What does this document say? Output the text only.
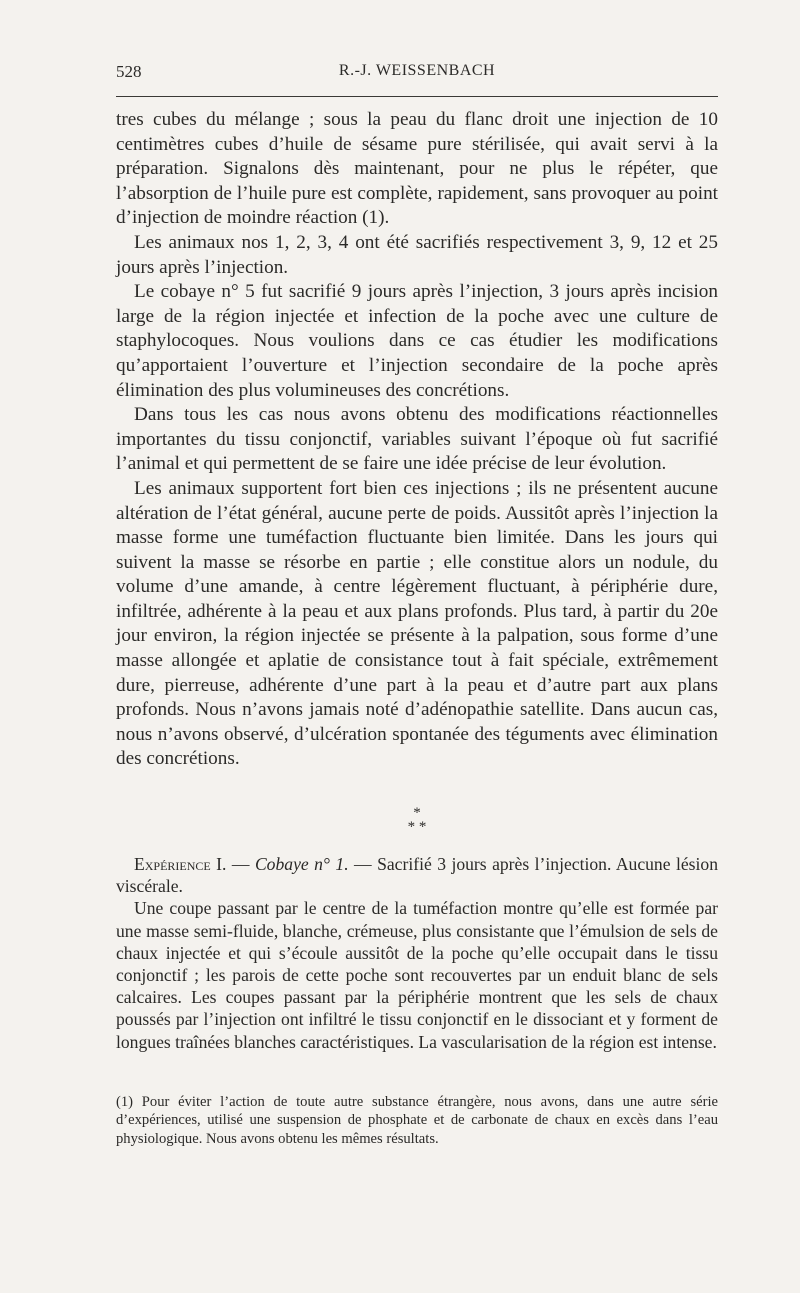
528	R.-J. WEISSENBACH

tres cubes du mélange ; sous la peau du flanc droit une injection de 10 centimètres cubes d’huile de sésame pure stérilisée, qui avait servi à la préparation. Signalons dès maintenant, pour ne plus le répéter, que l’absorption de l’huile pure est complète, rapidement, sans provoquer au point d’injection de moindre réaction (1).

Les animaux nos 1, 2, 3, 4 ont été sacrifiés respectivement 3, 9, 12 et 25 jours après l’injection.

Le cobaye n° 5 fut sacrifié 9 jours après l’injection, 3 jours après incision large de la région injectée et infection de la poche avec une culture de staphylocoques. Nous voulions dans ce cas étudier les modifications qu’apportaient l’ouverture et l’injection secondaire de la poche après élimination des plus volumineuses des concrétions.

Dans tous les cas nous avons obtenu des modifications réactionnelles importantes du tissu conjonctif, variables suivant l’époque où fut sacrifié l’animal et qui permettent de se faire une idée précise de leur évolution.

Les animaux supportent fort bien ces injections ; ils ne présentent aucune altération de l’état général, aucune perte de poids. Aussitôt après l’injection la masse forme une tuméfaction fluctuante bien limitée. Dans les jours qui suivent la masse se résorbe en partie ; elle constitue alors un nodule, du volume d’une amande, à centre légèrement fluctuant, à périphérie dure, infiltrée, adhérente à la peau et aux plans profonds. Plus tard, à partir du 20e jour environ, la région injectée se présente à la palpation, sous forme d’une masse allongée et aplatie de consistance tout à fait spéciale, extrêmement dure, pierreuse, adhérente d’une part à la peau et d’autre part aux plans profonds. Nous n’avons jamais noté d’adénopathie satellite. Dans aucun cas, nous n’avons observé, d’ulcération spontanée des téguments avec élimination des concrétions.

*
* *

Expérience I. — Cobaye n° 1. — Sacrifié 3 jours après l’injection. Aucune lésion viscérale.

Une coupe passant par le centre de la tuméfaction montre qu’elle est formée par une masse semi-fluide, blanche, crémeuse, plus consistante que l’émulsion de sels de chaux injectée et qui s’écoule aussitôt de la poche qu’elle occupait dans le tissu conjonctif ; les parois de cette poche sont recouvertes par un enduit blanc de sels calcaires. Les coupes passant par la périphérie montrent que les sels de chaux poussés par l’injection ont infiltré le tissu conjonctif en le dissociant et y forment de longues traînées blanches caractéristiques. La vascularisation de la région est intense.

(1) Pour éviter l’action de toute autre substance étrangère, nous avons, dans une autre série d’expériences, utilisé une suspension de phosphate et de carbonate de chaux en excès dans l’eau physiologique. Nous avons obtenu les mêmes résultats.
